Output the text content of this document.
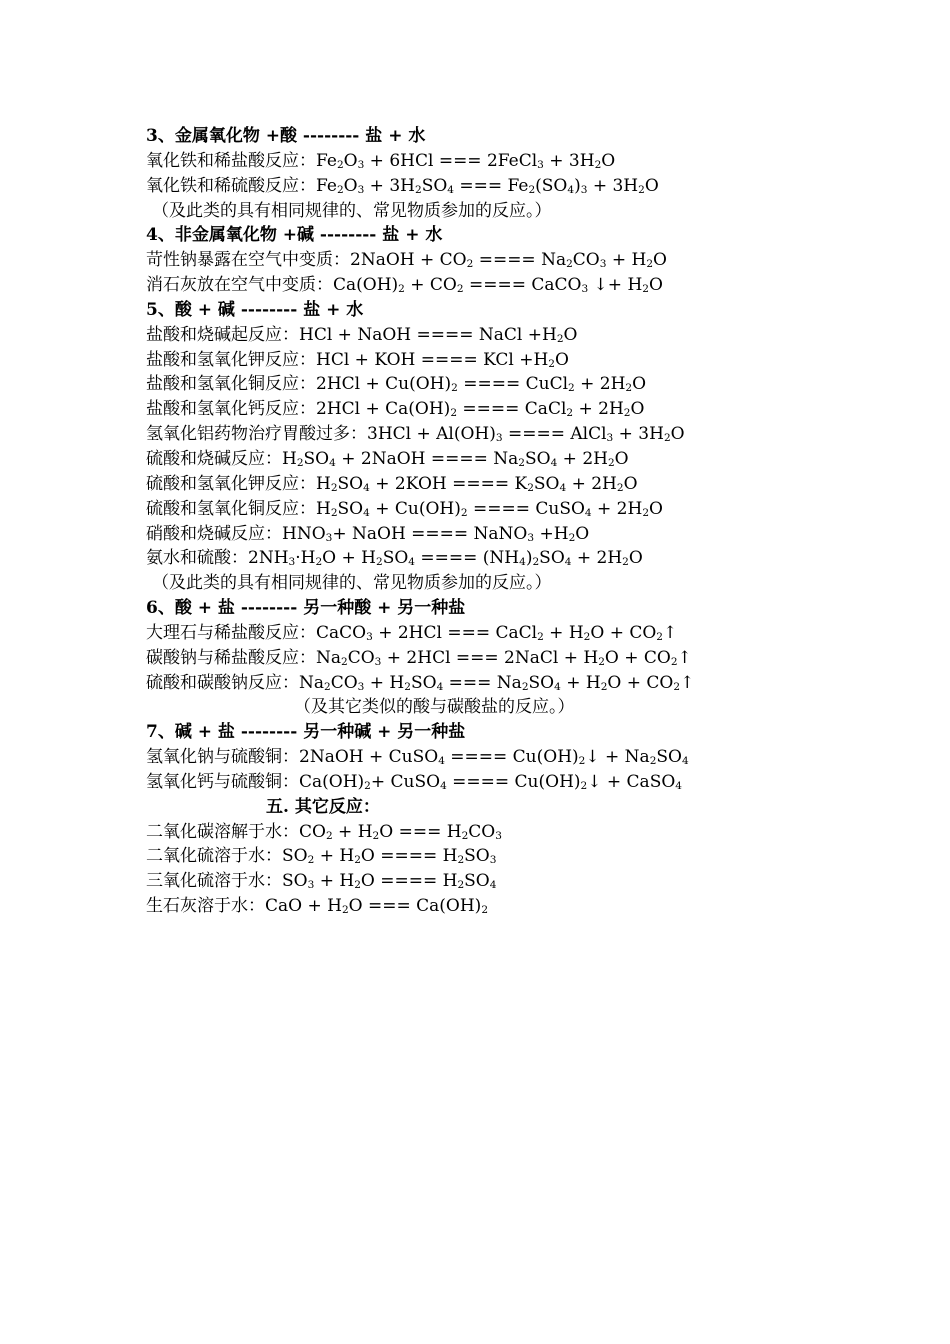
3、金属氧化物 +酸 -------- 盐 + 水
氧化铁和稀盐酸反应：$Fe_2O_3 + 6HCl$ === 2FeCl$_3$ + $3H_2O$
氧化铁和稀硫酸反应：$Fe_2O_3 + 3H_2SO_4$ === $Fe_2(SO_4)_3 + 3H_2O$
（及此类的具有相同规律的、常见物质参加的反应。）
4、非金属氧化物 +碱 -------- 盐 + 水
苛性钠暴露在空气中变质：2NaOH + $CO_2$ ==== $Na_2CO_3 + H_2O$
消石灰放在空气中变质：$Ca(OH)_2 + CO_2$ ==== CaCO$_3$ ↓+ $H_2O$
5、酸 + 碱 -------- 盐 + 水
盐酸和烧碱起反应：HCl + NaOH ==== NaCl $+H_2O$
盐酸和氢氧化钾反应：HCl + KOH ==== KCl $+H_2O$
盐酸和氢氧化铜反应：$2HCl + Cu(OH)_2$ ==== CuCl$_2$ + $2H_2O$
盐酸和氢氧化钙反应：$2HCl + Ca(OH)_2$ ==== CaCl$_2$ + $2H_2O$
氢氧化铝药物治疗胃酸过多：$3HCl + Al(OH)_3$ ==== AlCl$_3$ + $3H_2O$
硫酸和烧碱反应：$H_2SO_4$ + 2NaOH ==== $Na_2SO_4 + 2H_2O$
硫酸和氢氧化钾反应：$H_2SO_4 + 2KOH$ ==== $K_2SO_4 + 2H_2O$
硫酸和氢氧化铜反应：$H_2SO_4 + Cu(OH)_2$ ==== CuSO$_4$ + $2H_2O$
硝酸和烧碱反应：$HNO_3+$ NaOH ==== NaNO$_3$ $+H_2O$
氨水和硫酸：$2NH_3\cdot H_2O + H_2SO_4$ ==== $(NH_4)_2SO_4 + 2H_2O$
（及此类的具有相同规律的、常见物质参加的反应。）
6、酸 + 盐 -------- 另一种酸 + 另一种盐
大理石与稀盐酸反应：CaCO$_3$ + 2HCl === CaCl$_2$ + $H_2O$ + $CO_2↑$
碳酸钠与稀盐酸反应：$Na_2CO_3 + 2HCl$ === 2NaCl + $H_2O$ + $CO_2↑$
硫酸和碳酸钠反应：$Na_2CO_3 + H_2SO_4$ === $Na_2SO_4 + H_2O$ + $CO_2↑$
（及其它类似的酸与碳酸盐的反应。）
7、碱 + 盐 -------- 另一种碱 + 另一种盐
氢氧化钠与硫酸铜：2NaOH + CuSO$_4$ ==== $Cu(OH)_2↓ + Na_2SO_4$
氢氧化钙与硫酸铜：$Ca(OH)_2+$ CuSO$_4$ ==== $Cu(OH)_2↓$ + CaSO$_4$
五. 其它反应：
二氧化碳溶解于水：$CO_2 + H_2O$ === $H_2CO_3$
二氧化硫溶于水：$SO_2 + H_2O$ ==== $H_2SO_3$
三氧化硫溶于水：$SO_3 + H_2O$ ==== $H_2SO_4$
生石灰溶于水：CaO + $H_2O$ === $Ca(OH)_2$
